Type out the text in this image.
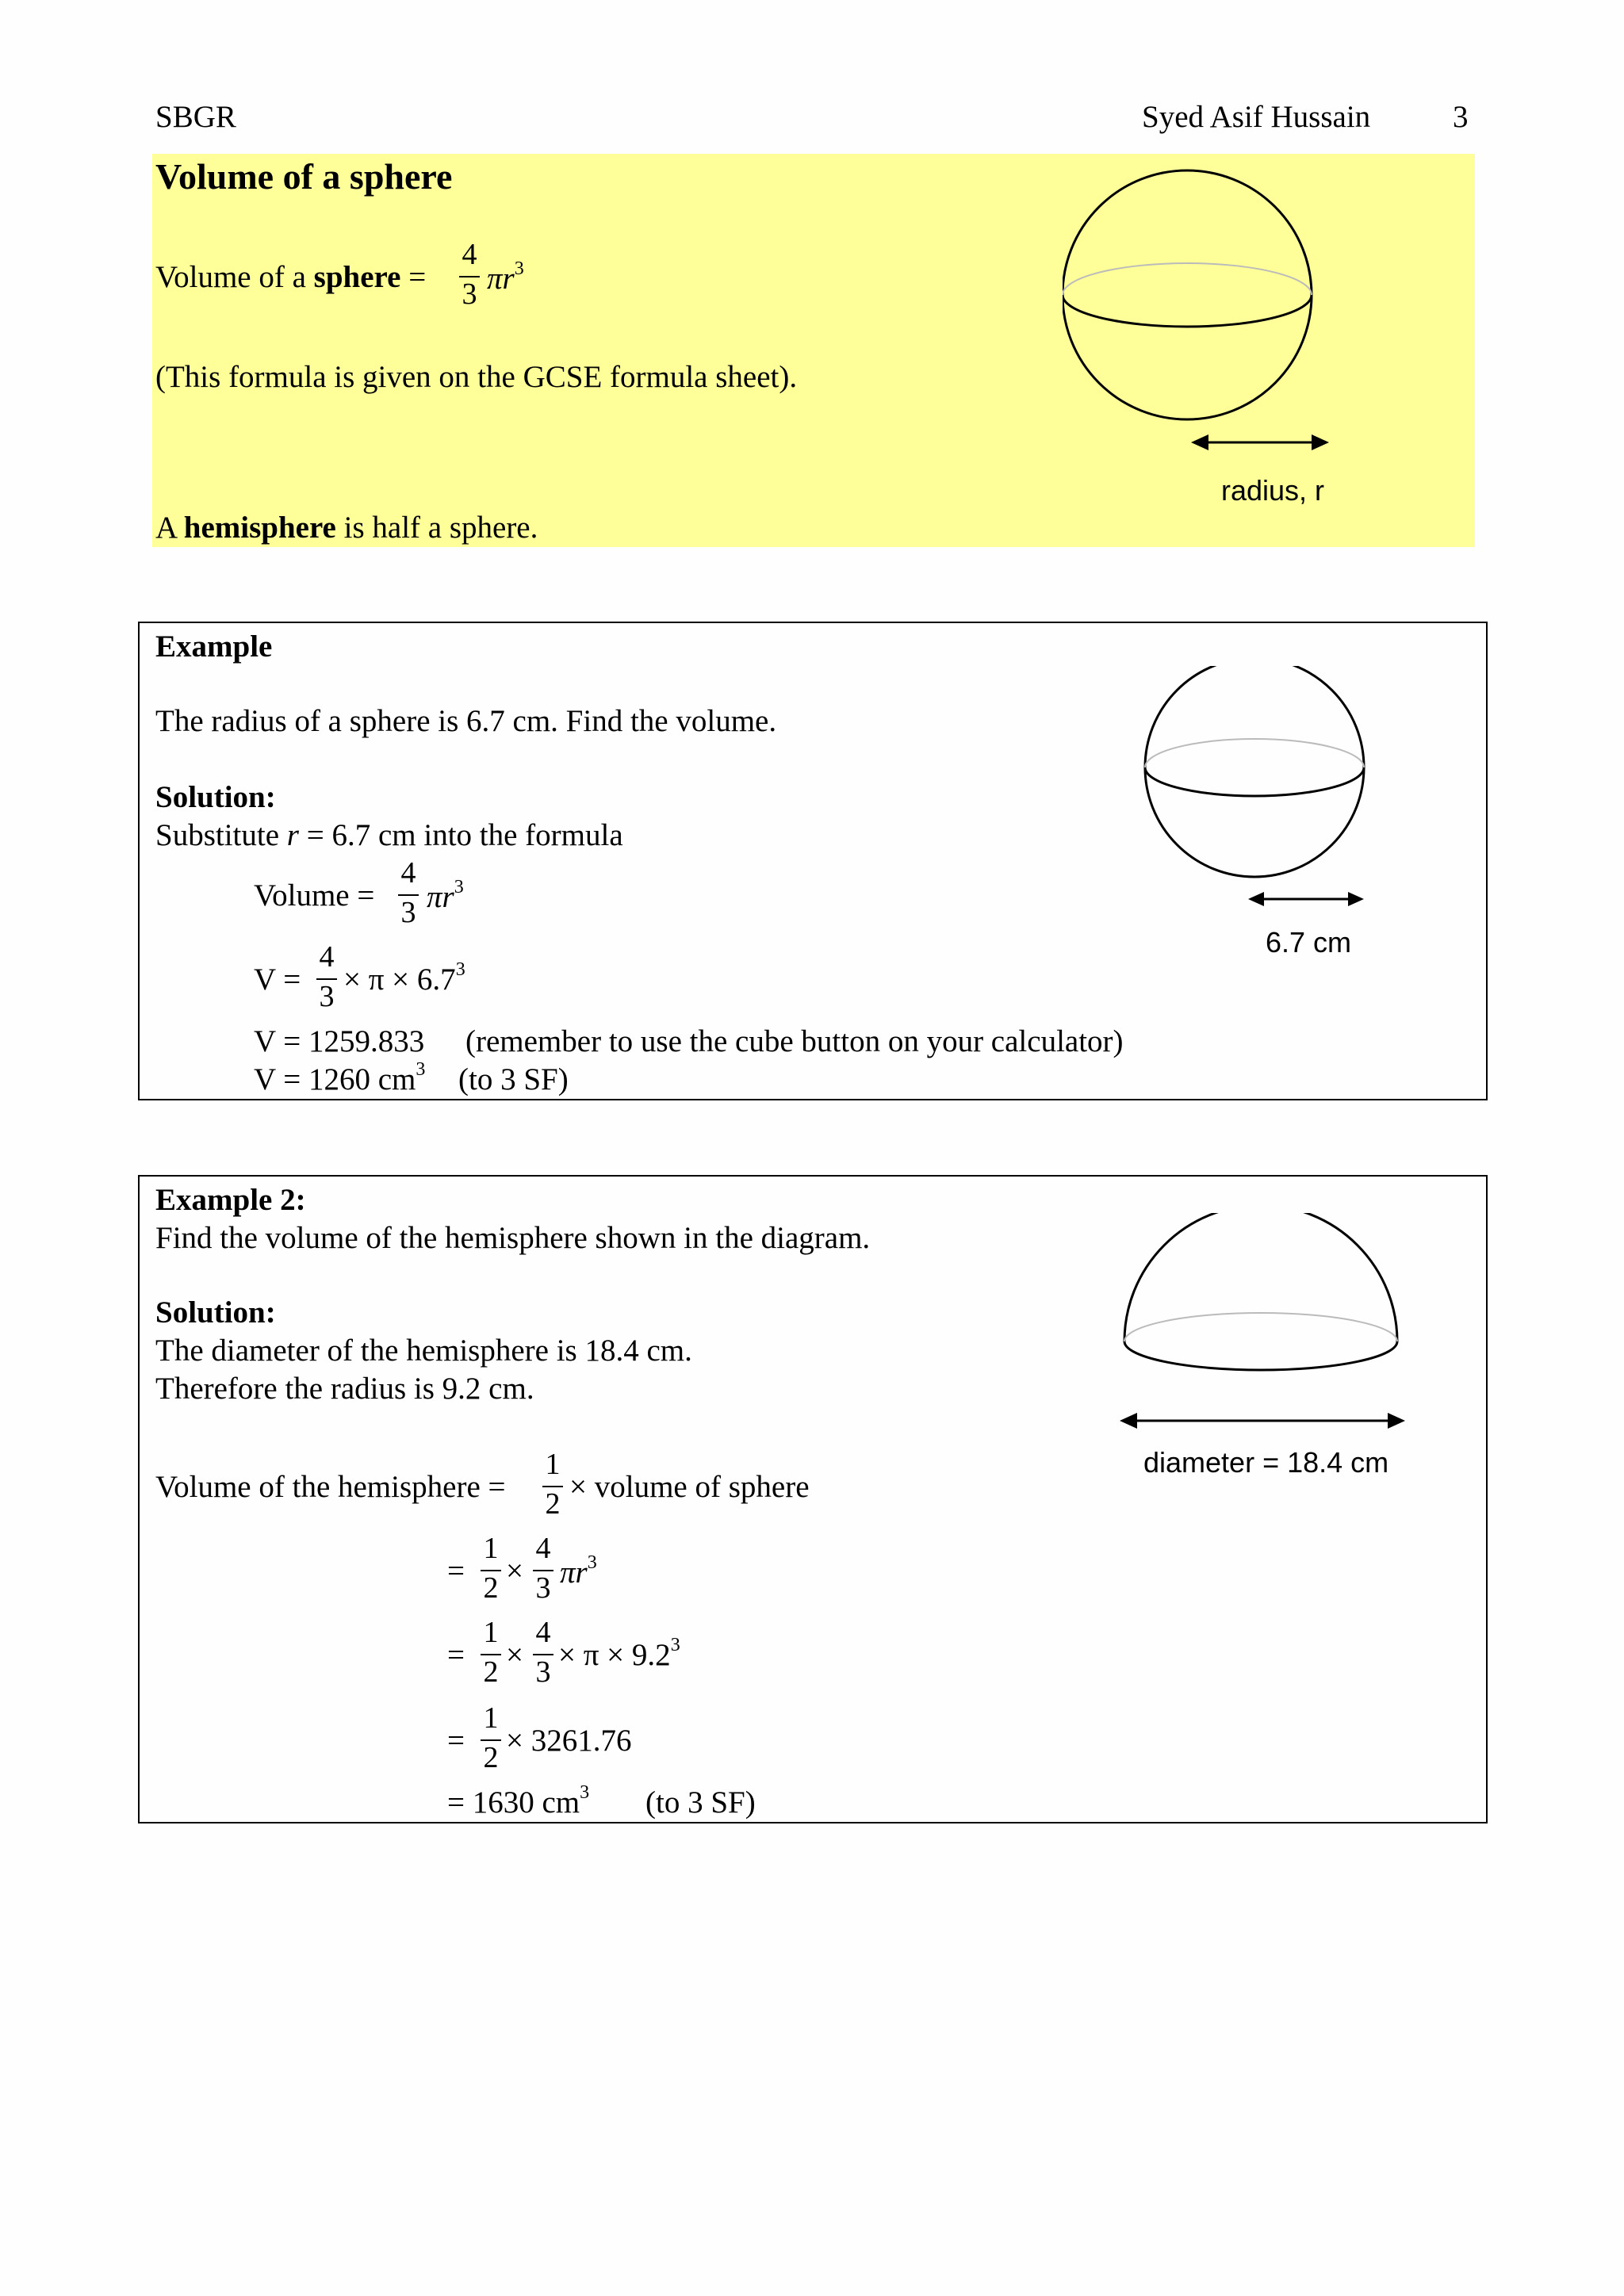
SBGR	Syed Asif Hussain	3
Volume of a sphere
Volume of a sphere =
4
3 $\pi r^3$
(This formula is given on the GCSE formula sheet).
A hemisphere is half a sphere.
radius, r
Example
The radius of a sphere is 6.7 cm. Find the volume.
Solution:
Substitute r = 6.7 cm into the formula
Volume =
4
3 $\pi r^3$
V =
4
$3 \times \pi \times 6.7^3$
V = 1259.833 (remember to use the cube button on your calculator)
V = 1260 $cm^3$ (to 3 SF)
6.7 cm
Example 2:
Find the volume of the hemisphere shown in the diagram.
Solution:
The diameter of the hemisphere is 18.4 cm.
Therefore the radius is 9.2 cm.
Volume of the hemisphere =
1
2 × volume of sphere
=
1
2 ×
4
3 $\pi r^3$
=
1
2 ×
4
$3 \times \pi \times 9.2^3$
=
1
2 × 3261.76
= 1630 $cm^3$ (to 3 SF)
diameter = 18.4 cm
